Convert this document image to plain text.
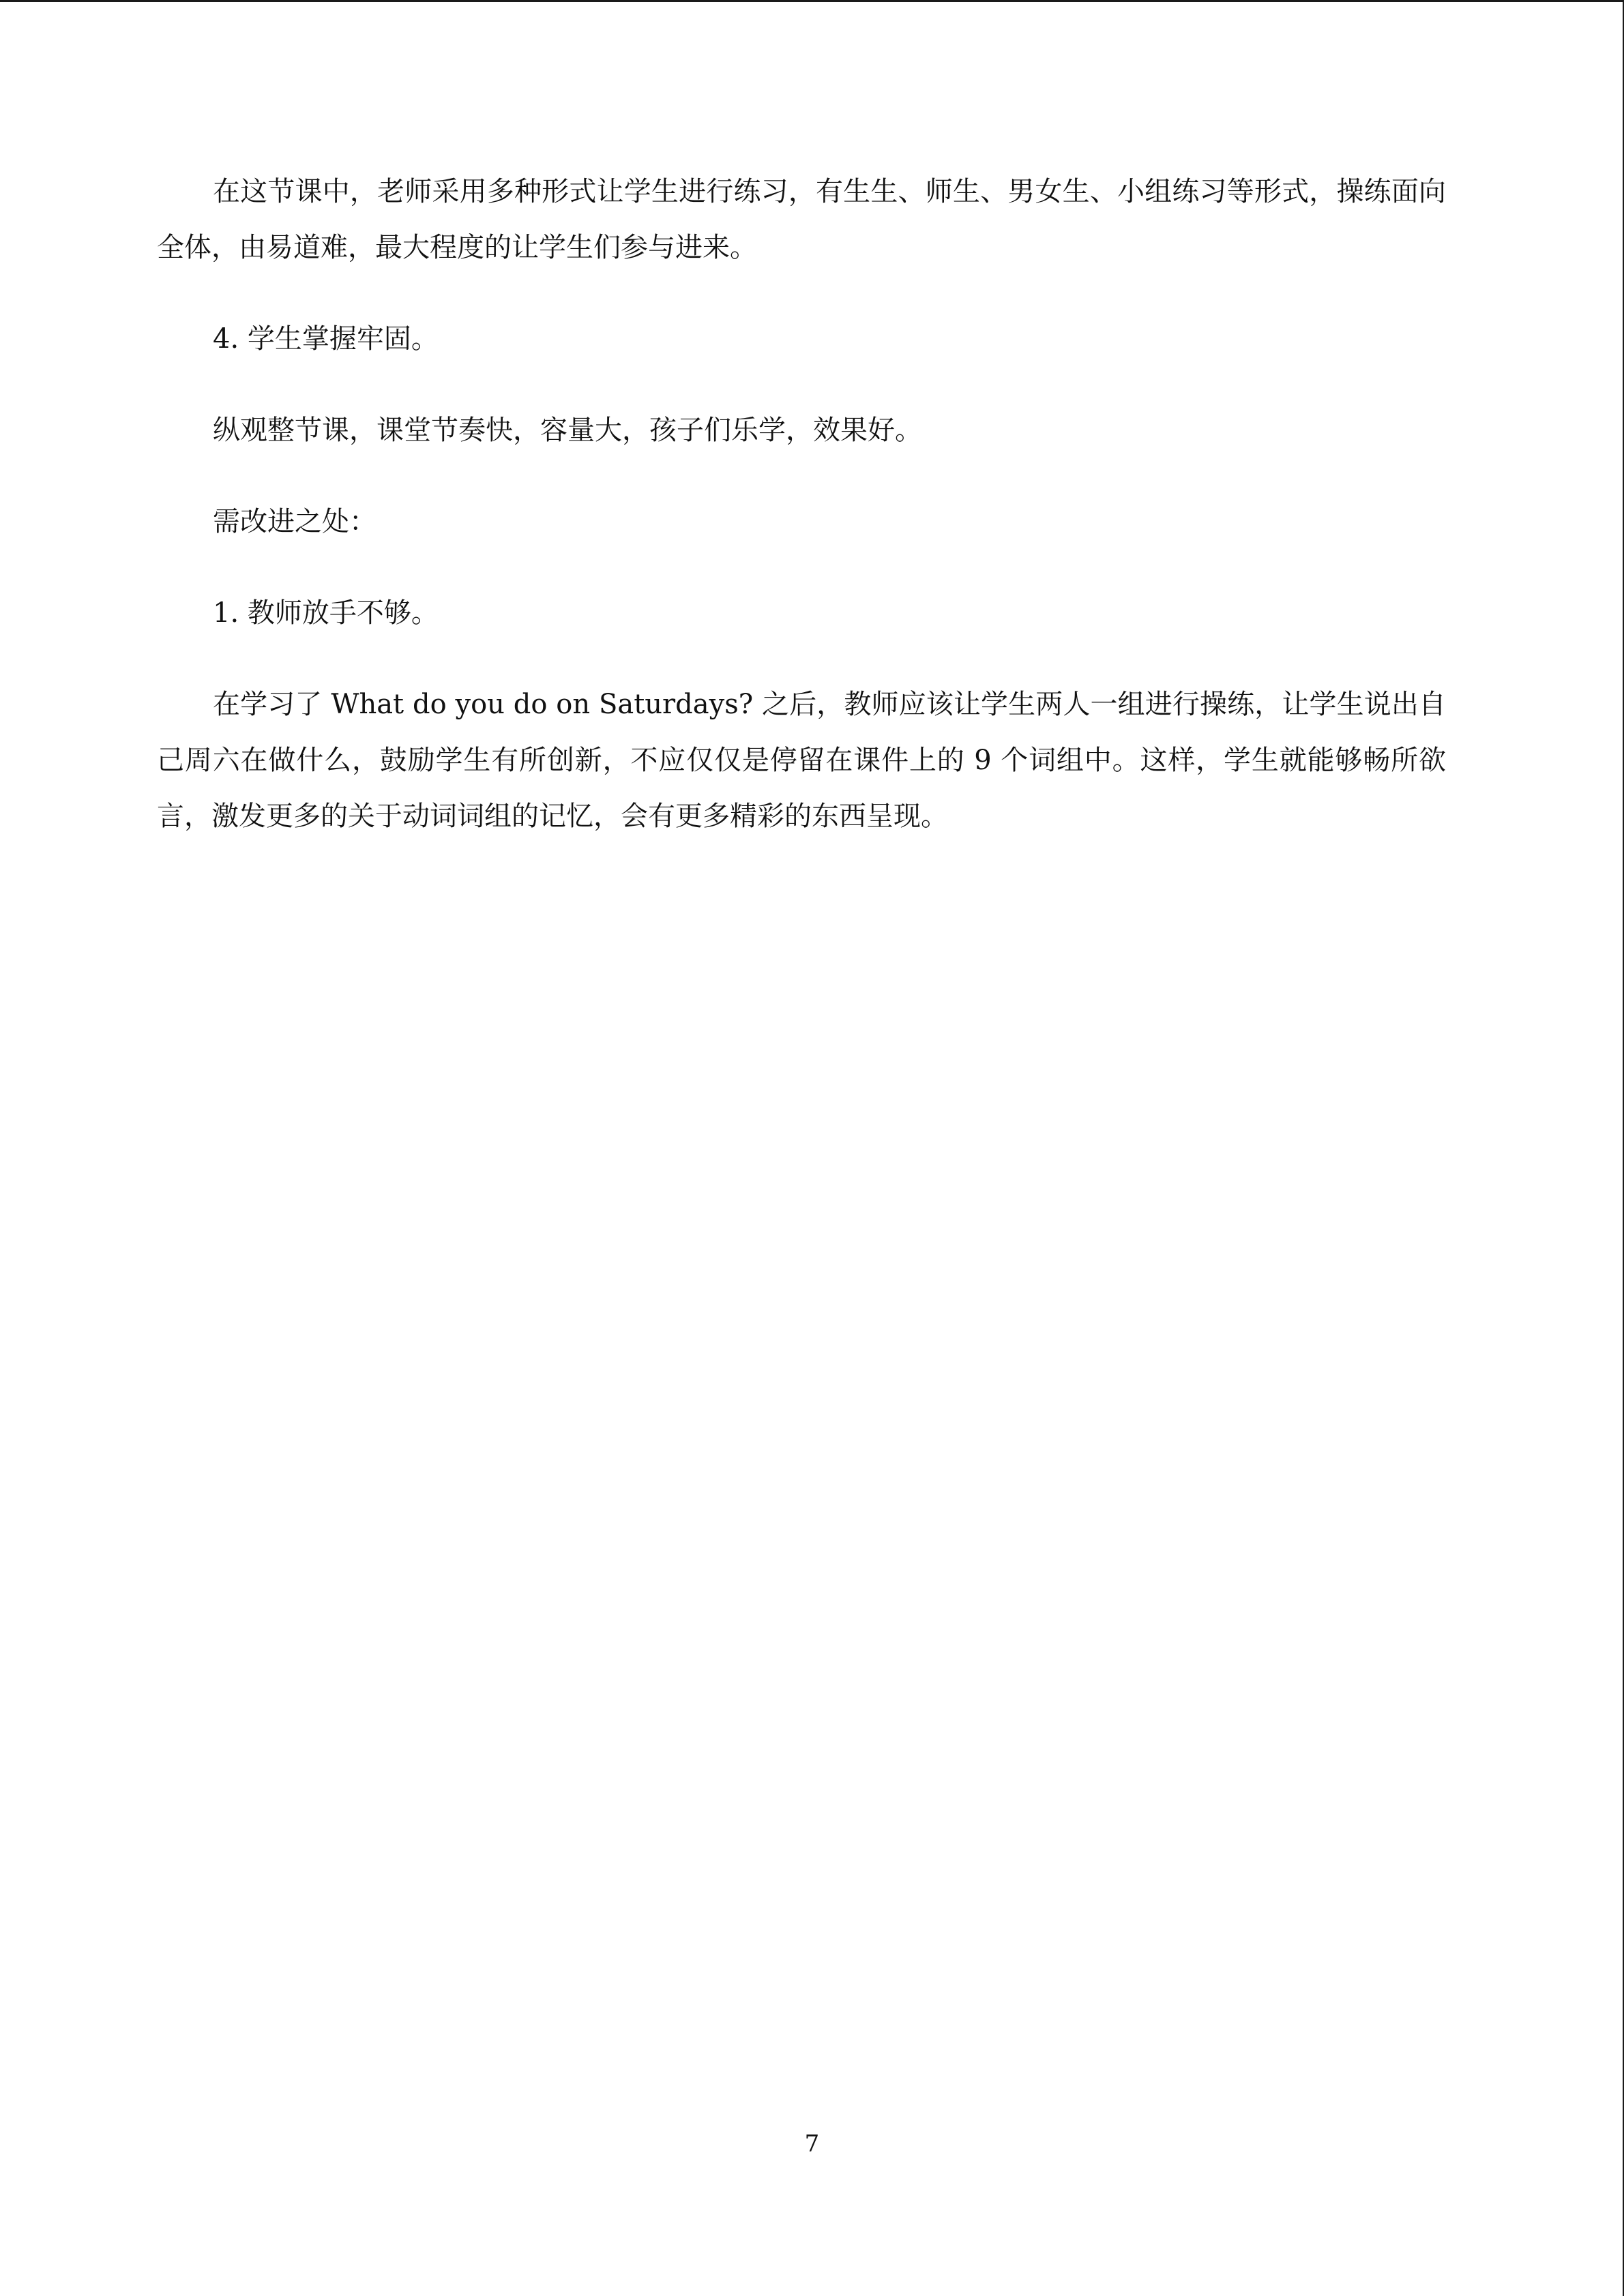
在这节课中，老师采用多种形式让学生进行练习，有生生、师生、男女生、小组练习等形式，操练面向全体，由易道难，最大程度的让学生们参与进来。

4. 学生掌握牢固。

纵观整节课，课堂节奏快，容量大，孩子们乐学，效果好。

需改进之处：

1. 教师放手不够。

在学习了 What do you do on Saturdays? 之后，教师应该让学生两人一组进行操练，让学生说出自己周六在做什么，鼓励学生有所创新，不应仅仅是停留在课件上的 9 个词组中。这样，学生就能够畅所欲言，激发更多的关于动词词组的记忆，会有更多精彩的东西呈现。

7
